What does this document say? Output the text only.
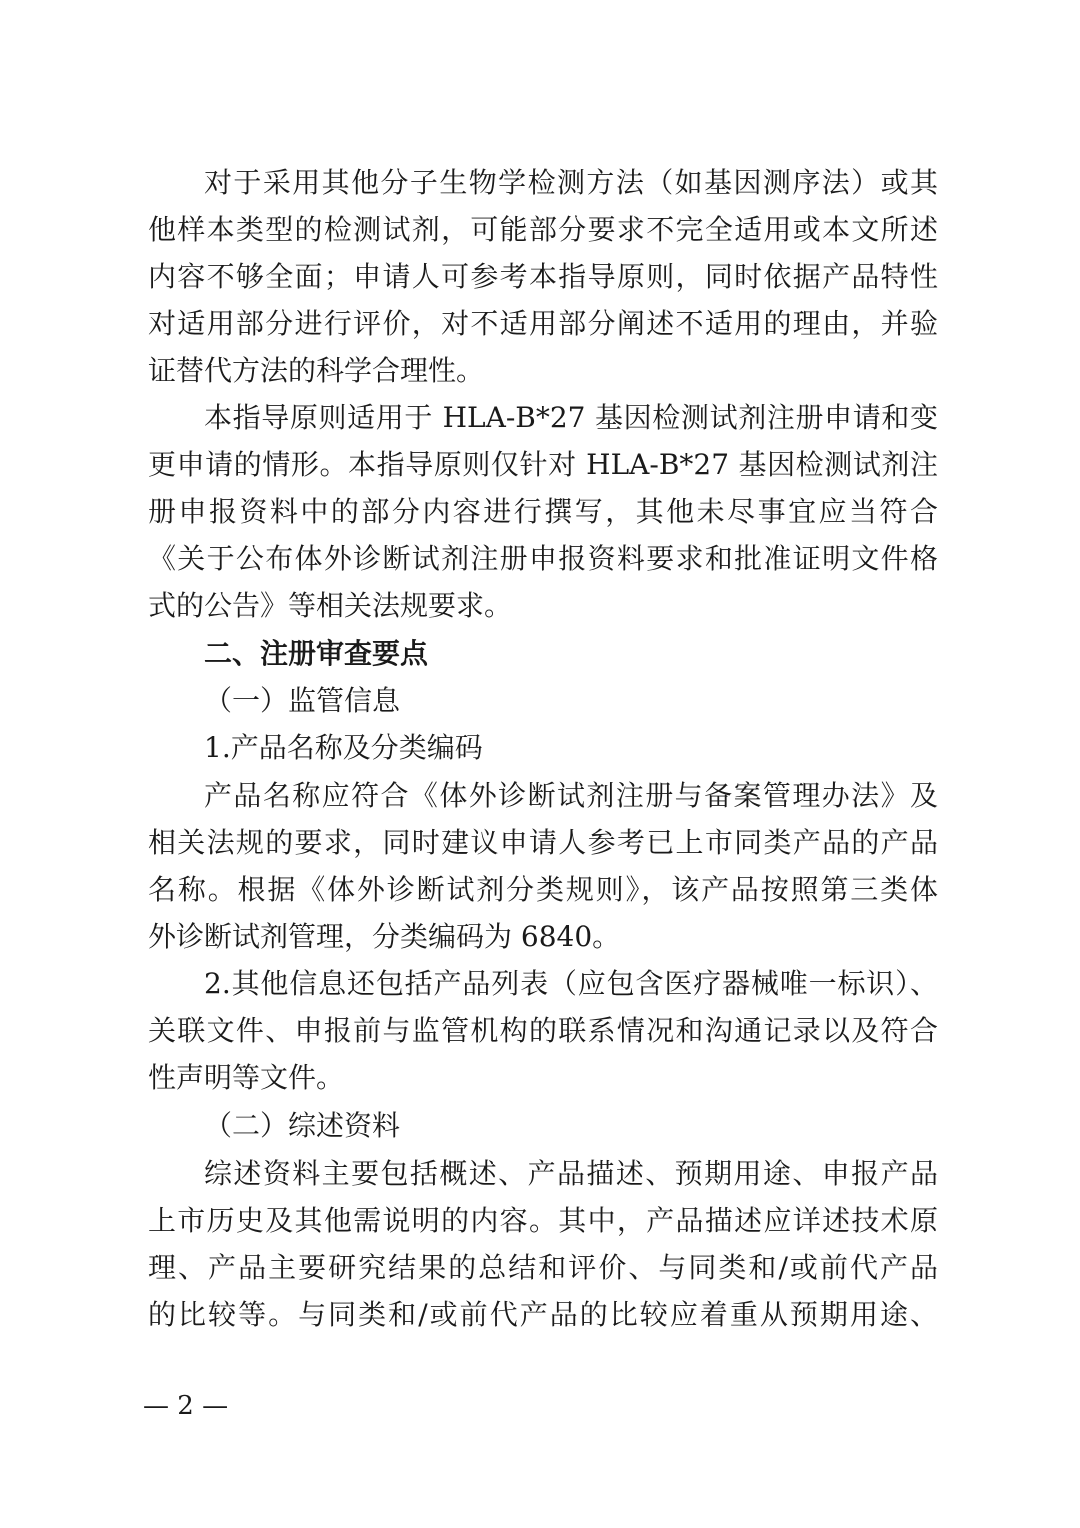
对于采用其他分子生物学检测方法（如基因测序法）或其
他样本类型的检测试剂，可能部分要求不完全适用或本文所述
内容不够全面；申请人可参考本指导原则，同时依据产品特性
对适用部分进行评价，对不适用部分阐述不适用的理由，并验
证替代方法的科学合理性。
本指导原则适用于 HLA-B*27 基因检测试剂注册申请和变
更申请的情形。本指导原则仅针对 HLA-B*27 基因检测试剂注
册申报资料中的部分内容进行撰写，其他未尽事宜应当符合
《关于公布体外诊断试剂注册申报资料要求和批准证明文件格
式的公告》等相关法规要求。
二、注册审查要点
（一）监管信息
1.产品名称及分类编码
产品名称应符合《体外诊断试剂注册与备案管理办法》及
相关法规的要求，同时建议申请人参考已上市同类产品的产品
名称。根据《体外诊断试剂分类规则》，该产品按照第三类体
外诊断试剂管理，分类编码为 6840。
2.其他信息还包括产品列表（应包含医疗器械唯一标识）、
关联文件、申报前与监管机构的联系情况和沟通记录以及符合
性声明等文件。
（二）综述资料
综述资料主要包括概述、产品描述、预期用途、申报产品
上市历史及其他需说明的内容。其中，产品描述应详述技术原
理、产品主要研究结果的总结和评价、与同类和/或前代产品
的比较等。与同类和/或前代产品的比较应着重从预期用途、
— 2 —
